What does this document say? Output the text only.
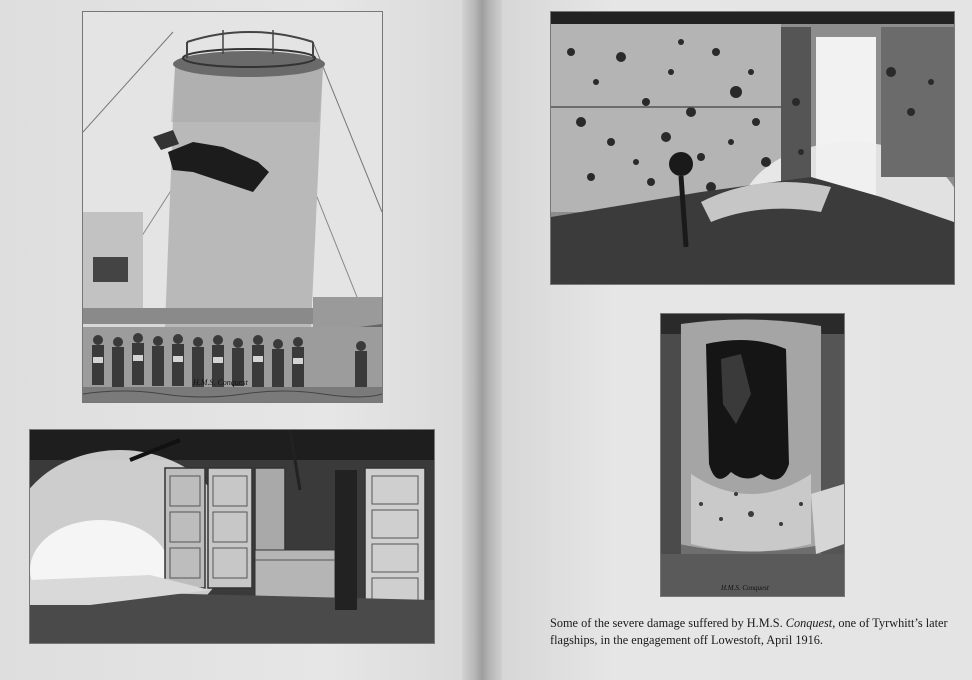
H.M.S. Conquest
H.M.S. Conquest

Some of the severe damage suffered by H.M.S. Conquest, one of Tyrwhitt’s later flagships, in the engagement off Lowestoft, April 1916.
